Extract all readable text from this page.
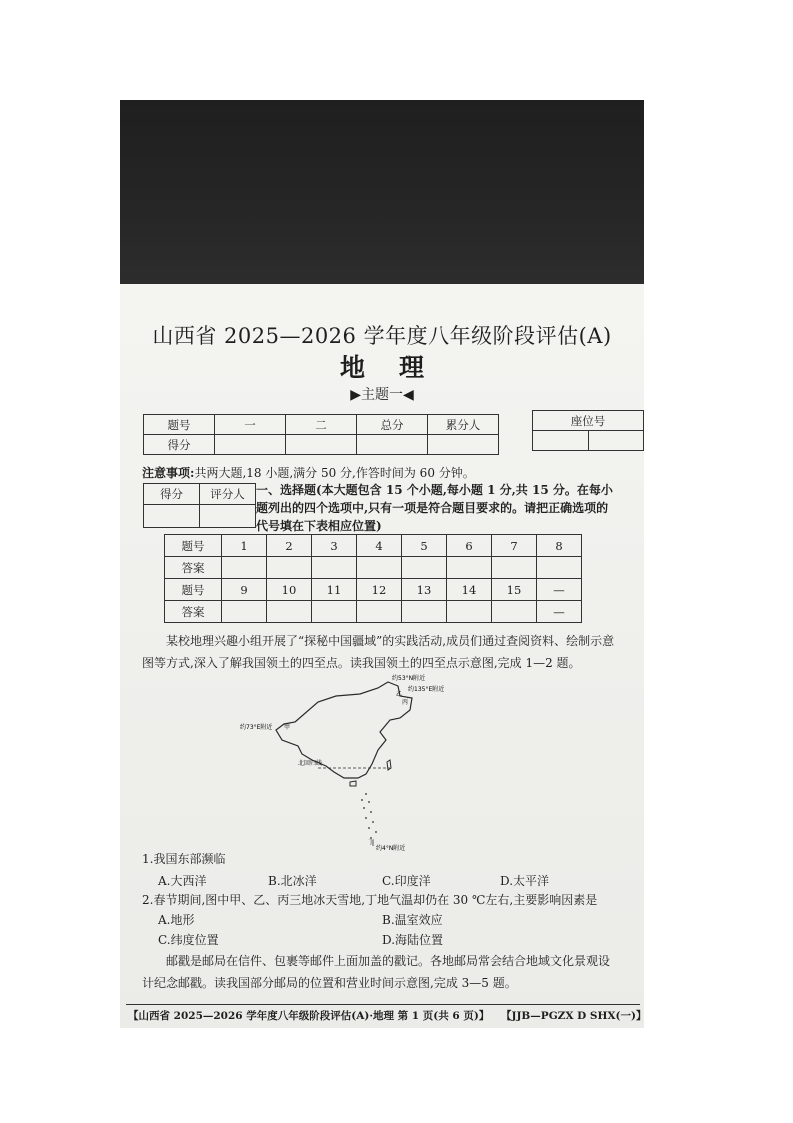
山西省 2025—2026 学年度八年级阶段评估(A)
地理
▶主题一◀
题号	一	二	总分	累分人
得分				
座位号

注意事项:共两大题,18 小题,满分 50 分,作答时间为 60 分钟。
得分	评分人
	一、选择题(本大题包含 15 个小题,每小题 1 分,共 15 分。在每小题列出的四个选项中,只有一项是符合题目要求的。请把正确选项的代号填在下表相应位置)
题号	1	2	3	4	5	6	7	8
答案								
题号	9	10	11	12	13	14	15	—
答案								—
某校地理兴趣小组开展了“探秘中国疆域”的实践活动,成员们通过查阅资料、绘制示意图等方式,深入了解我国领土的四至点。读我国领土的四至点示意图,完成 1—2 题。
约53°N附近
约135°E附近
约73°E附近
约4°N附近
北回归线
甲
乙
丙
丁
1.我国东部濒临
A.大西洋	B.北冰洋	C.印度洋	D.太平洋
2.春节期间,图中甲、乙、丙三地冰天雪地,丁地气温却仍在 30 ℃左右,主要影响因素是
A.地形	B.温室效应
C.纬度位置	D.海陆位置
邮戳是邮局在信件、包裹等邮件上面加盖的戳记。各地邮局常会结合地域文化景观设计纪念邮戳。读我国部分邮局的位置和营业时间示意图,完成 3—5 题。
【山西省 2025—2026 学年度八年级阶段评估(A)·地理 第 1 页(共 6 页)】 【JJB—PGZX D SHX(一)】
